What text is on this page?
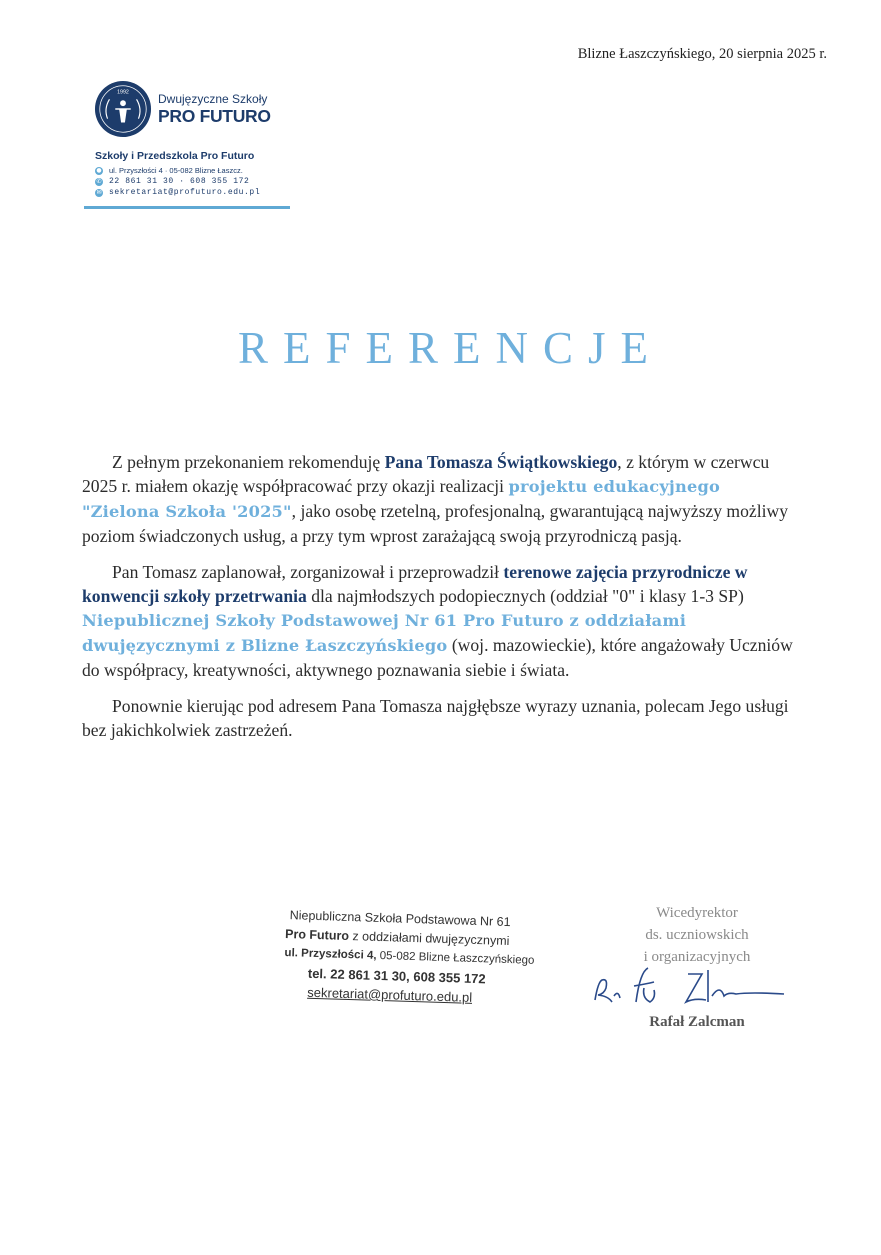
Blizne Łaszczyńskiego, 20 sierpnia 2025 r.
1992 Dwujęzyczne Szkoły
PRO FUTURO
Szkoły i Przedszkola Pro Futuro
● ul. Przyszłości 4 · 05-082 Blizne Łaszcz.
✆ 22 861 31 30 · 608 355 172
✉ sekretariat@profuturo.edu.pl
REFERENCJE

Z pełnym przekonaniem rekomenduję Pana Tomasza Świątkowskiego, z którym w czerwcu 2025 r. miałem okazję współpracować przy okazji realizacji projektu edukacyjnego "Zielona Szkoła '2025", jako osobę rzetelną, profesjonalną, gwarantującą najwyższy możliwy poziom świadczonych usług, a przy tym wprost zarażającą swoją przyrodniczą pasją.

Pan Tomasz zaplanował, zorganizował i przeprowadził terenowe zajęcia przyrodnicze w konwencji szkoły przetrwania dla najmłodszych podopiecznych (oddział "0" i klasy 1-3 SP) Niepublicznej Szkoły Podstawowej Nr 61 Pro Futuro z oddziałami dwujęzycznymi z Blizne Łaszczyńskiego (woj. mazowieckie), które angażowały Uczniów do współpracy, kreatywności, aktywnego poznawania siebie i świata.

Ponownie kierując pod adresem Pana Tomasza najgłębsze wyrazy uznania, polecam Jego usługi bez jakichkolwiek zastrzeżeń.

Niepubliczna Szkoła Podstawowa Nr 61
Pro Futuro z oddziałami dwujęzycznymi
ul. Przyszłości 4, 05-082 Blizne Łaszczyńskiego
tel. 22 861 31 30, 608 355 172
sekretariat@profuturo.edu.pl
Wicedyrektor
ds. uczniowskich
i organizacyjnych
Rafał Zalcman
